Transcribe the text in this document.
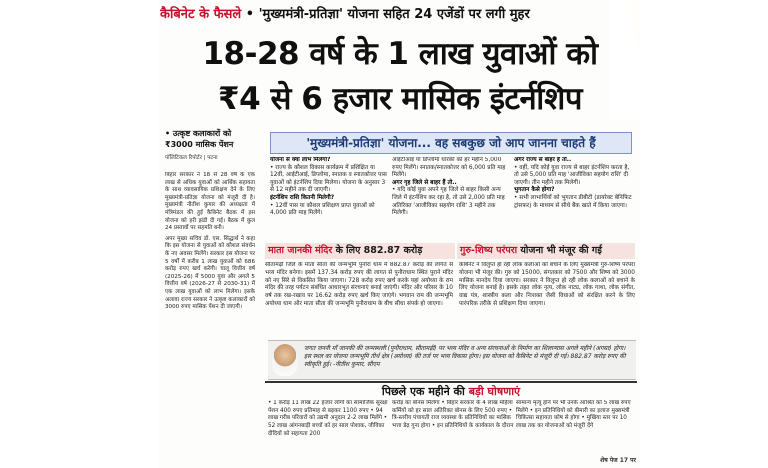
कैबिनेट के फैसले • 'मुख्यमंत्री-प्रतिज्ञा' योजना सहित 24 एजेंडों पर लगी मुहर
18-28 वर्ष के 1 लाख युवाओं को
₹4 से 6 हजार मासिक इंटर्नशिप
• उत्कृष्ट कलाकारों को ₹3000 मासिक पेंशन
पॉलिटिकल रिपोर्टर | पटना

बिहार सरकार ने 18 से 28 वर्ष के एक लाख से अधिक युवाओं को आर्थिक सहायता के साथ व्यावसायिक प्रशिक्षण देने के लिए मुख्यमंत्री-प्रतिज्ञा योजना को मंजूरी दी है। मुख्यमंत्री नीतीश कुमार की अध्यक्षता में मंत्रिमंडल की हुई कैबिनेट बैठक में इस योजना को हरी झंडी दी गई। बैठक में कुल 24 प्रस्तावों पर सहमति बनी।

अपर मुख्य सचिव डॉ. एस. सिद्धार्थ ने कहा कि इस योजना से युवाओं को कौशल संवर्धन के नए अवसर मिलेंगे। सरकार इस योजना पर 5 वर्षों में करीब 1 लाख युवाओं को 686 करोड़ रुपए खर्च करेगी। चालू वित्तीय वर्ष (2025-26) में 5000 युवा और अगले 5 वित्तीय वर्ष (2026-27 से 2030-31) में एक लाख युवाओं को लाभ मिलेगा। इसके अलावा राज्य सरकार ने उत्कृष्ट कलाकारों को 3000 रुपए मासिक पेंशन दी जाएगी।

'मुख्यमंत्री-प्रतिज्ञा' योजना... वह सबकुछ जो आप जानना चाहते हैं
योजना से क्या लाभ मिलेगा?
• राज्य के कौशल विकास कार्यक्रम में प्रशिक्षित या 12वीं, आईटीआई, डिप्लोमा, स्नातक व स्नातकोत्तर पास युवाओं को इंटर्नशिप दिया मिलेगा। योजना के अनुसार 3 से 12 महीने तक दी जाएगी।
इंटर्नशिप राशि कितनी मिलेगी?
• 12वीं पास या कौशल प्रशिक्षण प्राप्त युवाओं को 4,000 प्रति माह मिलेंगे।
आईटीआई या डिप्लोमा धारकों को हर महीने 5,000 रुपए मिलेंगे। स्नातक/स्नातकोत्तर को 6,000 प्रति माह मिलेंगे।
अगर गृह जिले से बाहर हैं तो..
• यदि कोई युवा अपने गृह जिले से बाहर किसी अन्य जिले में इंटर्नशिप कर रहा है, तो उसे 2,000 प्रति माह अतिरिक्त 'आजीविका सहयोग राशि' 3 महीने तक मिलेगी।
अगर राज्य से बाहर हैं तो..
• वहीं, यदि कोई युवा राज्य से बाहर इंटर्नशिप करता है, तो उसे 5,000 प्रति माह 'आजीविका सहयोग राशि' दी जाएगी। तीन महीने तक मिलेगी।
भुगतान कैसे होगा?
• सभी लाभार्थियों को भुगतान डीबीटी (डायरेक्ट बेनिफिट ट्रांसफर) के माध्यम से सीधे बैंक खाते में किया जाएगा।
माता जानकी मंदिर के लिए 882.87 करोड़
सीतामढ़ी जिले के माता सीता की जन्मभूमि पुनौरा धाम में 882.87 करोड़ की लागत से भव्य मंदिर बनेगा। इसमें 137.34 करोड़ रुपए की लागत से पुनौराधाम स्थित पुराने मंदिर को नए सिरे से विकसित किया जाएगा। 728 करोड़ रुपए खर्च करके यहां अयोध्या के राम मंदिर की तरह पर्यटन संबंधित आधारभूत संरचनाएं बनाई जाएंगी। मंदिर और परिसर के 10 वर्ष तक रख-रखाव पर 16.62 करोड़ रुपए खर्च किए जाएंगे। भगवान राम की जन्मभूमि अयोध्या धाम और माता सीता की जन्मभूमि पुनौराधाम के बीच सीधा संपर्क हो जाएगा।
गुरु-शिष्य परंपरा योजना भी मंजूर की गई
कैबिनेट ने विलुप्त हो रही लोक कलाओं को बचाने के लिए मुख्यमंत्री गुरु-शिष्य परंपरा योजना भी मंजूर की। गुरु को 15000, संगतकार को 7500 और शिष्य को 3000 मासिक मानदेय दिया जाएगा। सरकार ने विलुप्त हो रही लोक कलाओं को बचाने के लिए योजना बनाई है। इसके तहत लोक नृत्य, लोक नाट्य, लोक गाथा, लोक संगीत, वाद्य यंत्र, शास्त्रीय कला और निःशक्त जैसी विधाओं को संरक्षित करने के लिए पारंपरिक तरीके से प्रशिक्षण दिया जाएगा।
जगत जननी माँ जानकी की जन्मस्थली (पुनौराधाम, सीतामढ़ी) पर भव्य मंदिर व अन्य संरचनाओं के निर्माण का शिलान्यास अगले महीने (अगस्त) होगा। इस स्थल का योजना जन्मभूमि तीर्थ क्षेत्र (अयोध्या) की तर्ज पर भव्य विकास होगा। इस योजना को कैबिनेट से मंजूरी दी गई। 882.87 करोड़ रुपए की स्वीकृति हुई। -नीतीश कुमार, सीएम
पिछले एक महीने की बड़ी घोषणाएं
• 1 करोड़ 11 लाख 22 हजार लोगों का सामाजिक सुरक्षा पेंशन 400 रुपए प्रतिमाह से बढ़कर 1100 रुपए • 94 लाख गरीब परिवारों को उद्यमी अनुदान 2-2 लाख मिलेंगे • 52 लाख आंगनबाड़ी बच्चों को हर साल पोशाक, जीविका दीदियों को सहायता 200
करोड़ का बोनस मिलेगा • बिहार सरकार के 4 लाख महिला कर्मियों को हर साल अतिरिक्त बोनस के लिए 500 रुपए • त्रि-स्तरीय पंचायती राज व्यवस्था के प्रतिनिधियों का मासिक भत्ता डेढ़ गुना होगा • इन प्रतिनिधियों के कार्यकाल के दौरान
सामान्य मृत्यु होने पर भी उनके आश्रित को 5 लाख रुपए मिलेंगे • इन प्रतिनिधियों को बीमारी का इलाज मुख्यमंत्री चिकित्सा सहायता कोष से होगा • मुखिया स्तर पर 10 लाख तक का योजनाओं को मंजूरी देंगे
शेष पेज 17 पर
